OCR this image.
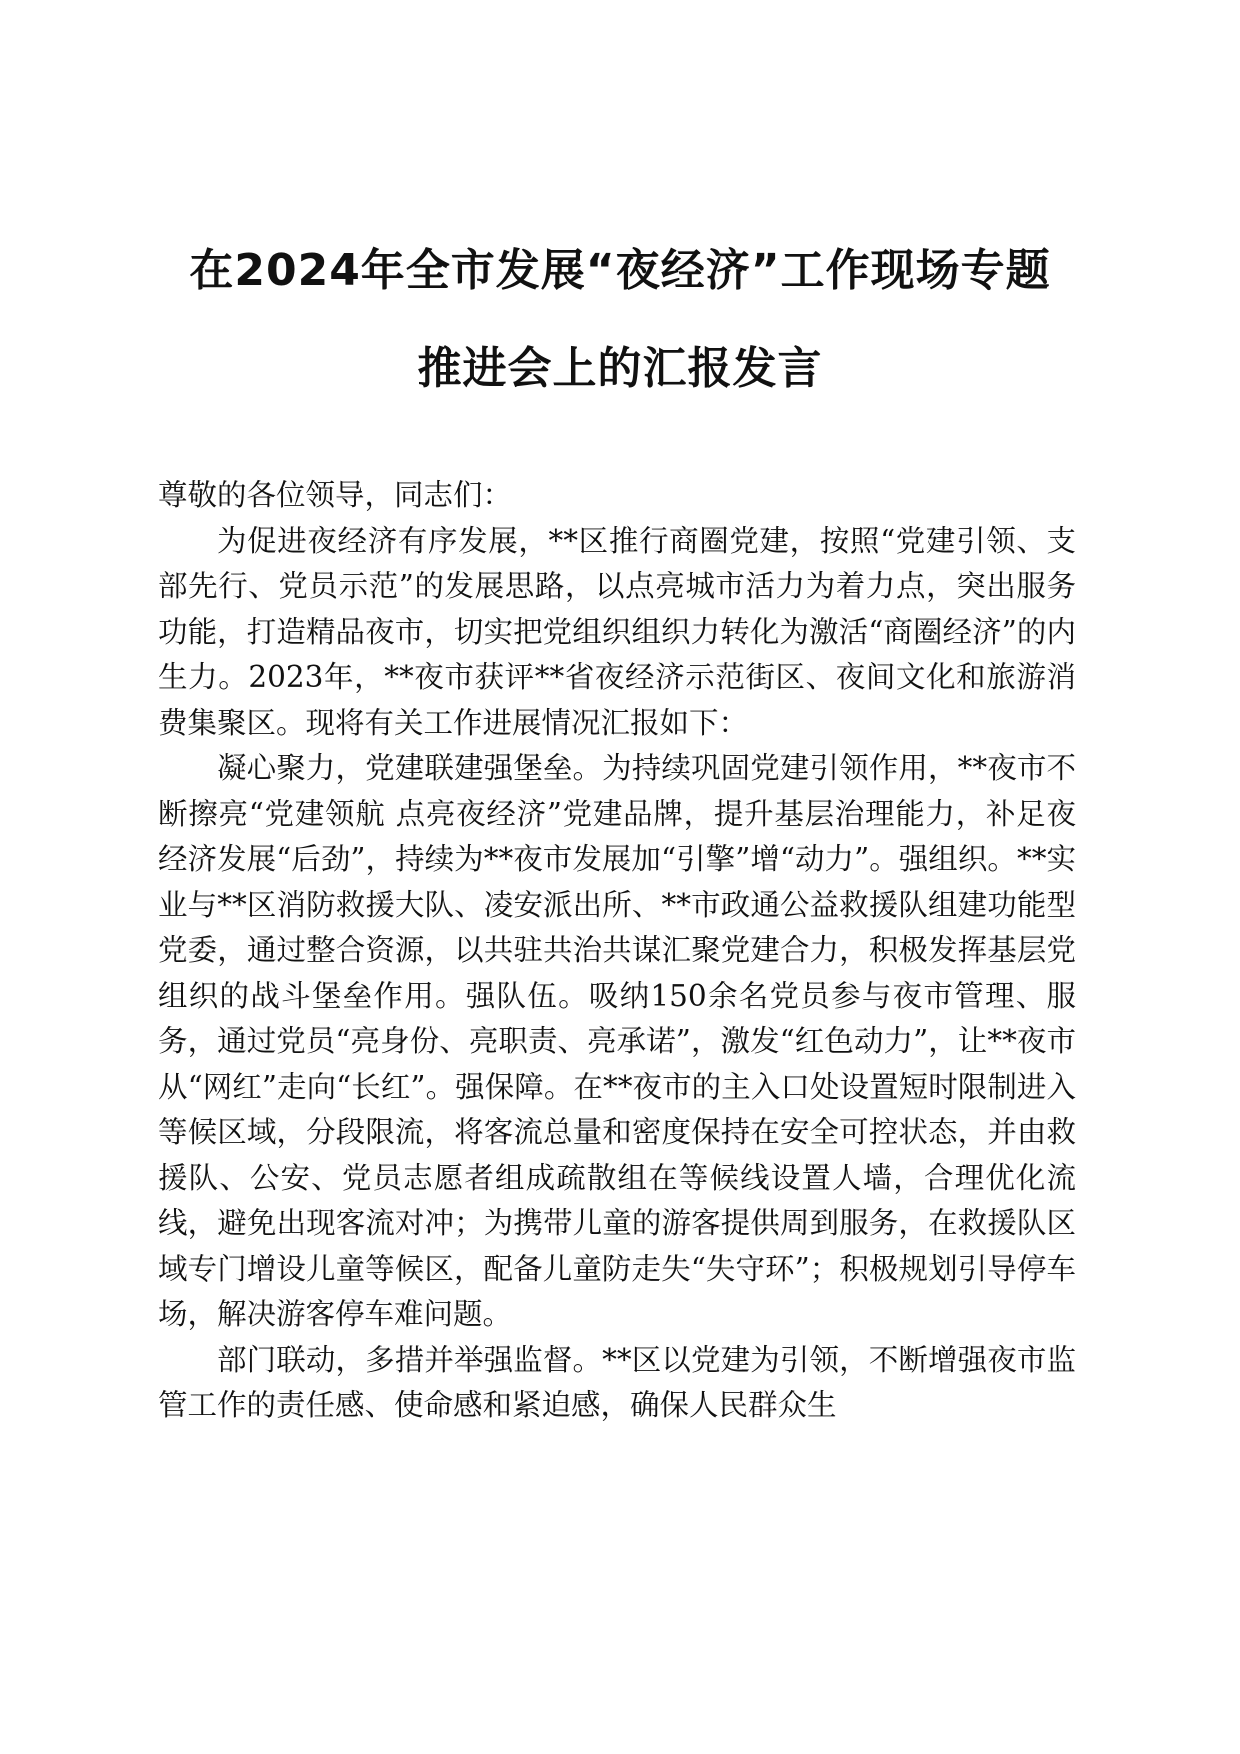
在2024年全市发展“夜经济”工作现场专题
推进会上的汇报发言

尊敬的各位领导，同志们：

为促进夜经济有序发展，**区推行商圈党建，按照“党建引领、支部先行、党员示范”的发展思路，以点亮城市活力为着力点，突出服务功能，打造精品夜市，切实把党组织组织力转化为激活“商圈经济”的内生力。2023年，**夜市获评**省夜经济示范街区、夜间文化和旅游消费集聚区。现将有关工作进展情况汇报如下：

凝心聚力，党建联建强堡垒。为持续巩固党建引领作用，**夜市不断擦亮“党建领航 点亮夜经济”党建品牌，提升基层治理能力，补足夜经济发展“后劲”，持续为**夜市发展加“引擎”增“动力”。强组织。**实业与**区消防救援大队、凌安派出所、**市政通公益救援队组建功能型党委，通过整合资源，以共驻共治共谋汇聚党建合力，积极发挥基层党组织的战斗堡垒作用。强队伍。吸纳150余名党员参与夜市管理、服务，通过党员“亮身份、亮职责、亮承诺”，激发“红色动力”，让**夜市从“网红”走向“长红”。强保障。在**夜市的主入口处设置短时限制进入等候区域，分段限流，将客流总量和密度保持在安全可控状态，并由救援队、公安、党员志愿者组成疏散组在等候线设置人墙，合理优化流线，避免出现客流对冲；为携带儿童的游客提供周到服务，在救援队区域专门增设儿童等候区，配备儿童防走失“失守环”；积极规划引导停车场，解决游客停车难问题。

部门联动，多措并举强监督。**区以党建为引领，不断增强夜市监管工作的责任感、使命感和紧迫感，确保人民群众生
